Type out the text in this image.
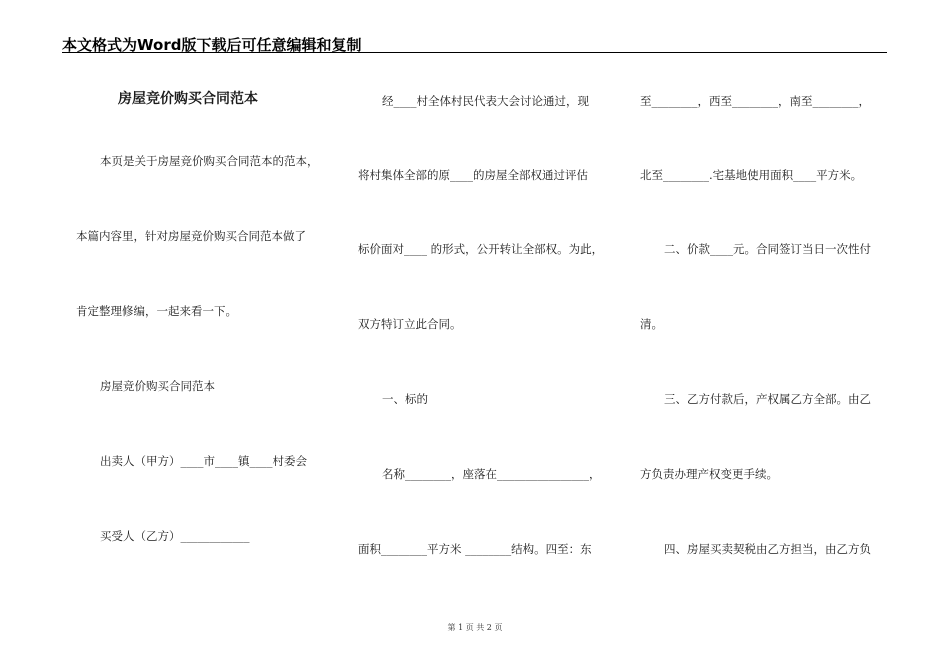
本文格式为Word版下载后可任意编辑和复制
房屋竞价购买合同范本
本页是关于房屋竞价购买合同范本的范本，
本篇内容里，针对房屋竞价购买合同范本做了
肯定整理修编，一起来看一下。
房屋竞价购买合同范本
出卖人（甲方）____市____镇____村委会
买受人（乙方）____________
经____村全体村民代表大会讨论通过，现
将村集体全部的原____的房屋全部权通过评估
标价面对____ 的形式，公开转让全部权。为此，
双方特订立此合同。
一、标的
名称________，座落在________________，
面积________平方米 ________结构。四至：东
至________，西至________，南至________，
北至________.宅基地使用面积____平方米。
二、价款____元。合同签订当日一次性付
清。
三、乙方付款后，产权属乙方全部。由乙
方负责办理产权变更手续。
四、房屋买卖契税由乙方担当，由乙方负
第 1 页 共 2 页
